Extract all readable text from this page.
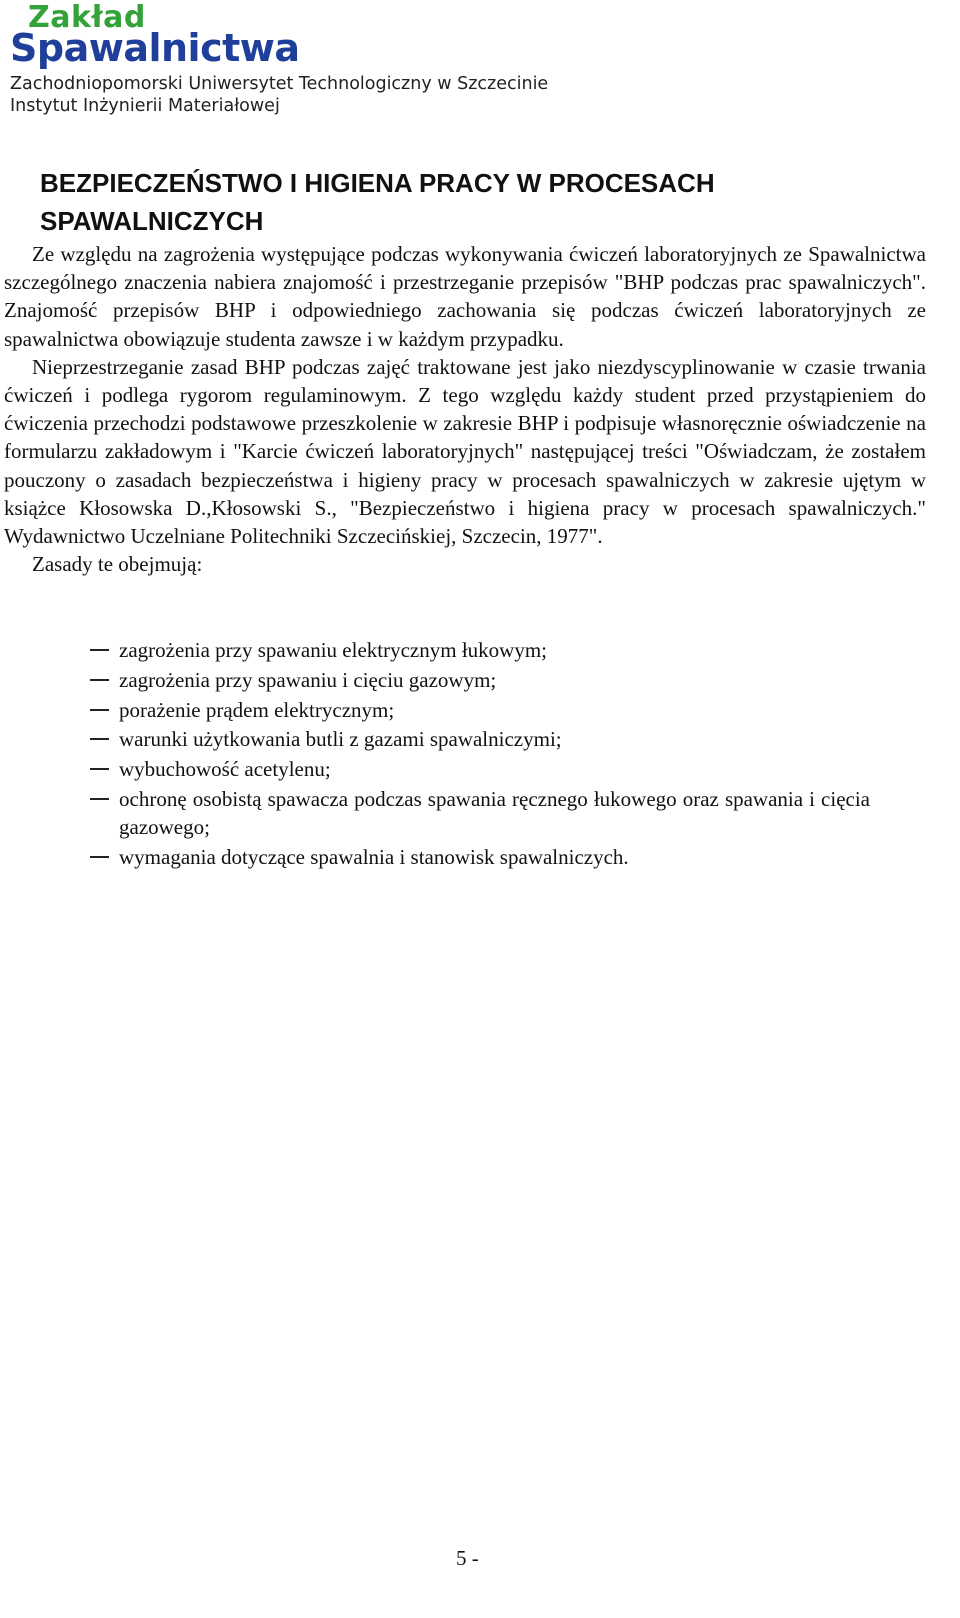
Zakład
Spawalnictwa
Zachodniopomorski Uniwersytet Technologiczny w Szczecinie
Instytut Inżynierii Materiałowej
BEZPIECZEŃSTWO I HIGIENA PRACY W PROCESACH SPAWALNICZYCH

Ze względu na zagrożenia występujące podczas wykonywania ćwiczeń laboratoryjnych ze Spawalnictwa szczególnego znaczenia nabiera znajomość i przestrzeganie przepisów "BHP podczas prac spawalniczych". Znajomość przepisów BHP i odpowiedniego zachowania się podczas ćwiczeń laboratoryjnych ze spawalnictwa obowiązuje studenta zawsze i w każdym przypadku.

Nieprzestrzeganie zasad BHP podczas zajęć traktowane jest jako niezdyscyplinowanie w czasie trwania ćwiczeń i podlega rygorom regulaminowym. Z tego względu każdy student przed przystąpieniem do ćwiczenia przechodzi podstawowe przeszkolenie w zakresie BHP i podpisuje własnoręcznie oświadczenie na formularzu zakładowym i "Karcie ćwiczeń laboratoryjnych" następującej treści "Oświadczam, że zostałem pouczony o zasadach bezpieczeństwa i higieny pracy w procesach spawalniczych w zakresie ujętym w książce Kłosowska D.,Kłosowski S., "Bezpieczeństwo i higiena pracy w procesach spawalniczych." Wydawnictwo Uczelniane Politechniki Szczecińskiej, Szczecin, 1977".

Zasady te obejmują:

zagrożenia przy spawaniu elektrycznym łukowym;
zagrożenia przy spawaniu i cięciu gazowym;
porażenie prądem elektrycznym;
warunki użytkowania butli z gazami spawalniczymi;
wybuchowość acetylenu;
ochronę osobistą spawacza podczas spawania ręcznego łukowego oraz spawania i cięcia gazowego;
wymagania dotyczące spawalnia i stanowisk spawalniczych.
5 -
